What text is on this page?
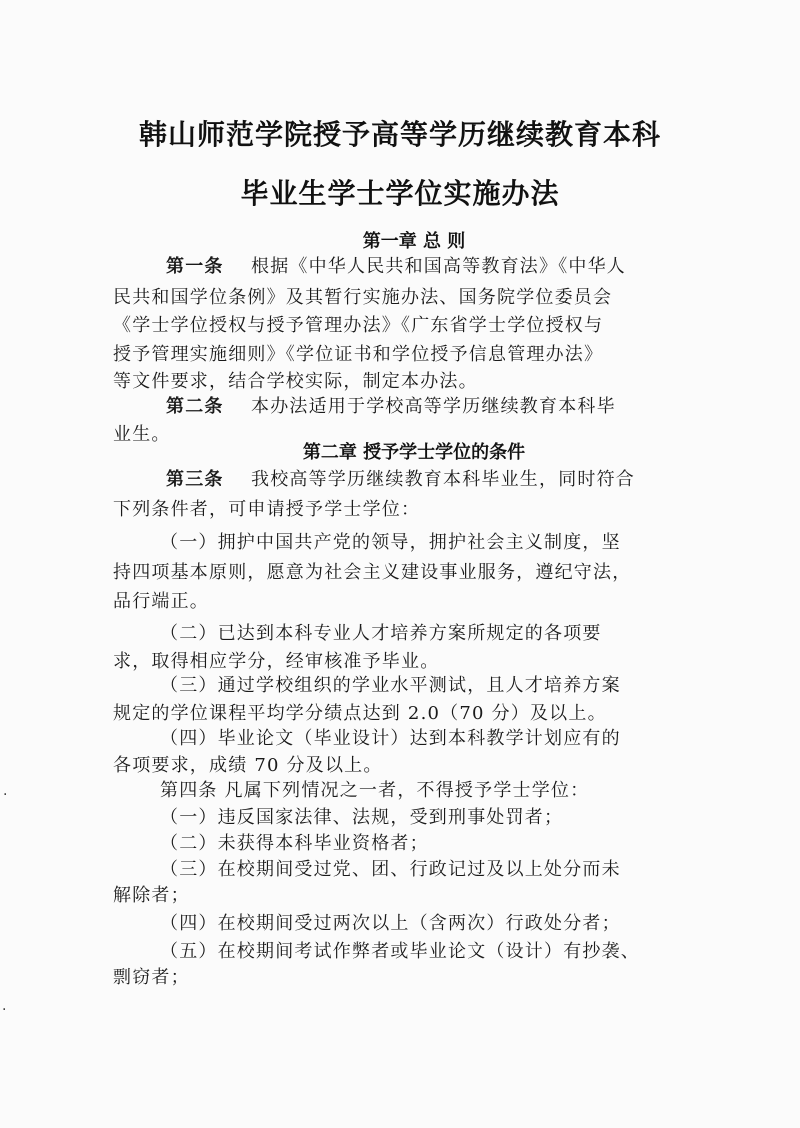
韩山师范学院授予高等学历继续教育本科
毕业生学士学位实施办法
第一章 总 则
第一条 根据《中华人民共和国高等教育法》《中华人
民共和国学位条例》及其暂行实施办法、国务院学位委员会
《学士学位授权与授予管理办法》《广东省学士学位授权与
授予管理实施细则》《学位证书和学位授予信息管理办法》
等文件要求，结合学校实际，制定本办法。
第二条 本办法适用于学校高等学历继续教育本科毕
业生。
第二章 授予学士学位的条件
第三条 我校高等学历继续教育本科毕业生，同时符合
下列条件者，可申请授予学士学位：
（一）拥护中国共产党的领导，拥护社会主义制度，坚
持四项基本原则，愿意为社会主义建设事业服务，遵纪守法，
品行端正。
（二）已达到本科专业人才培养方案所规定的各项要
求，取得相应学分，经审核准予毕业。
（三）通过学校组织的学业水平测试，且人才培养方案
规定的学位课程平均学分绩点达到 2.0（70 分）及以上。
（四）毕业论文（毕业设计）达到本科教学计划应有的
各项要求，成绩 70 分及以上。
第四条 凡属下列情况之一者，不得授予学士学位：
（一）违反国家法律、法规，受到刑事处罚者；
（二）未获得本科毕业资格者；
（三）在校期间受过党、团、行政记过及以上处分而未
解除者；
（四）在校期间受过两次以上（含两次）行政处分者；
（五）在校期间考试作弊者或毕业论文（设计）有抄袭、
剽窃者；
·
·
